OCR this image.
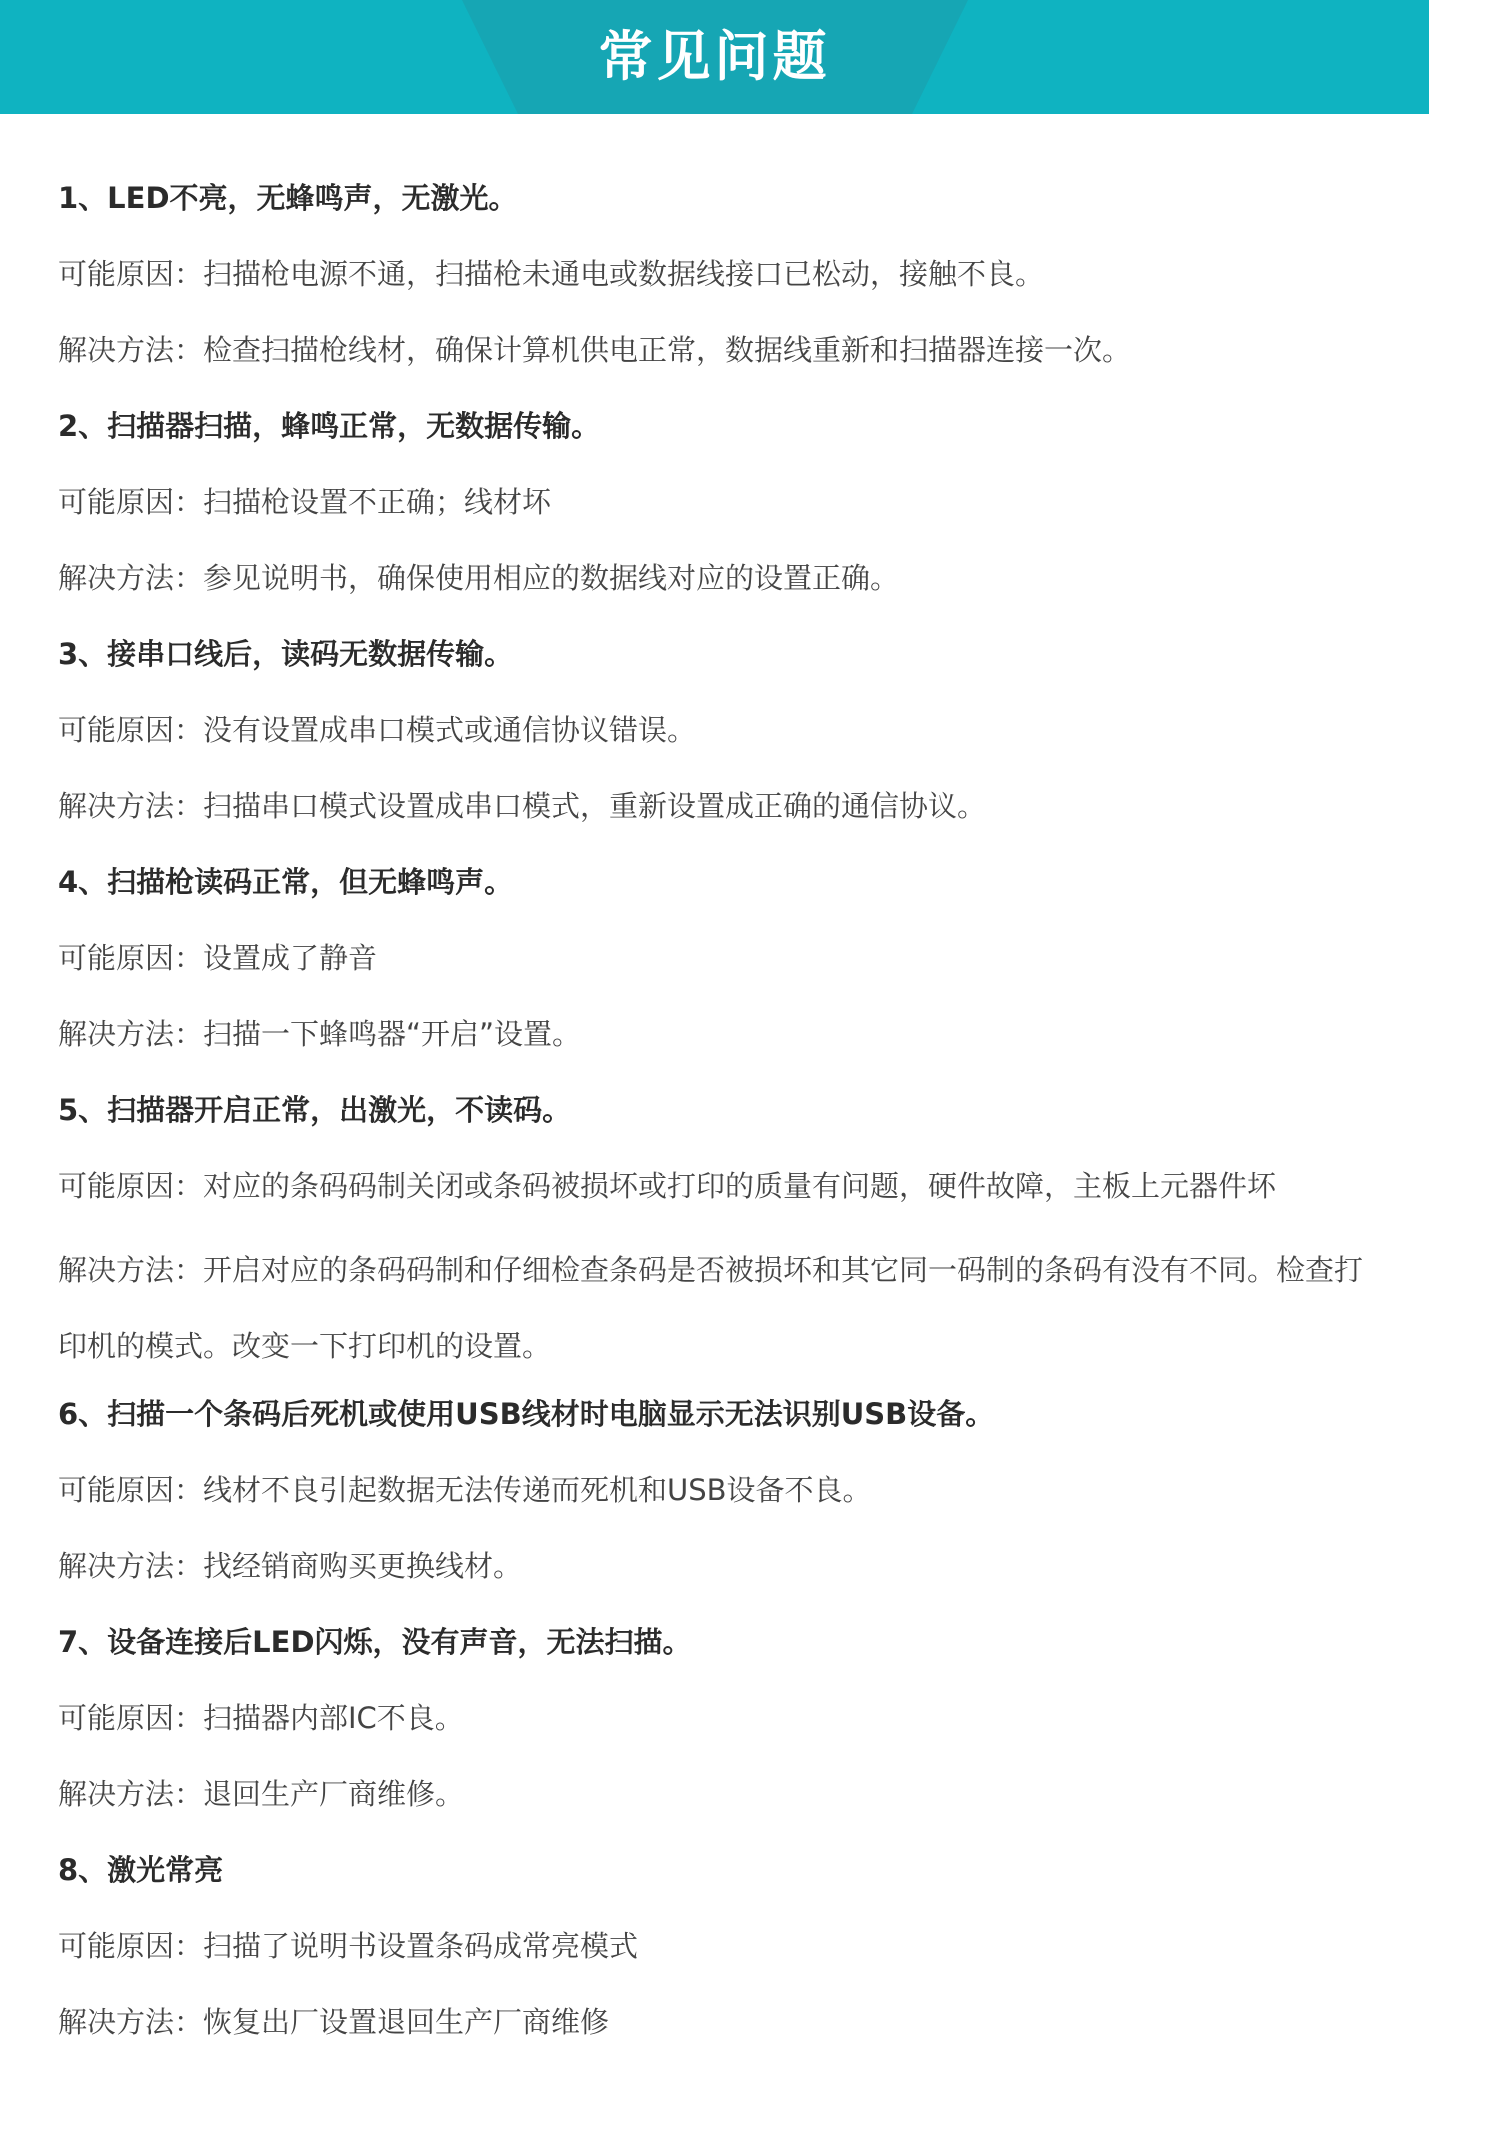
常见问题
1、LED不亮，无蜂鸣声，无激光。
可能原因：扫描枪电源不通，扫描枪未通电或数据线接口已松动，接触不良。
解决方法：检查扫描枪线材，确保计算机供电正常，数据线重新和扫描器连接一次。
2、扫描器扫描，蜂鸣正常，无数据传输。
可能原因：扫描枪设置不正确；线材坏
解决方法：参见说明书，确保使用相应的数据线对应的设置正确。
3、接串口线后，读码无数据传输。
可能原因：没有设置成串口模式或通信协议错误。
解决方法：扫描串口模式设置成串口模式，重新设置成正确的通信协议。
4、扫描枪读码正常，但无蜂鸣声。
可能原因：设置成了静音
解决方法：扫描一下蜂鸣器“开启”设置。
5、扫描器开启正常，出激光，不读码。
可能原因：对应的条码码制关闭或条码被损坏或打印的质量有问题，硬件故障，主板上元器件坏
解决方法：开启对应的条码码制和仔细检查条码是否被损坏和其它同一码制的条码有没有不同。检查打印机的模式。改变一下打印机的设置。
6、扫描一个条码后死机或使用USB线材时电脑显示无法识别USB设备。
可能原因：线材不良引起数据无法传递而死机和USB设备不良。
解决方法：找经销商购买更换线材。
7、设备连接后LED闪烁，没有声音，无法扫描。
可能原因：扫描器内部IC不良。
解决方法：退回生产厂商维修。
8、激光常亮
可能原因：扫描了说明书设置条码成常亮模式
解决方法：恢复出厂设置退回生产厂商维修
